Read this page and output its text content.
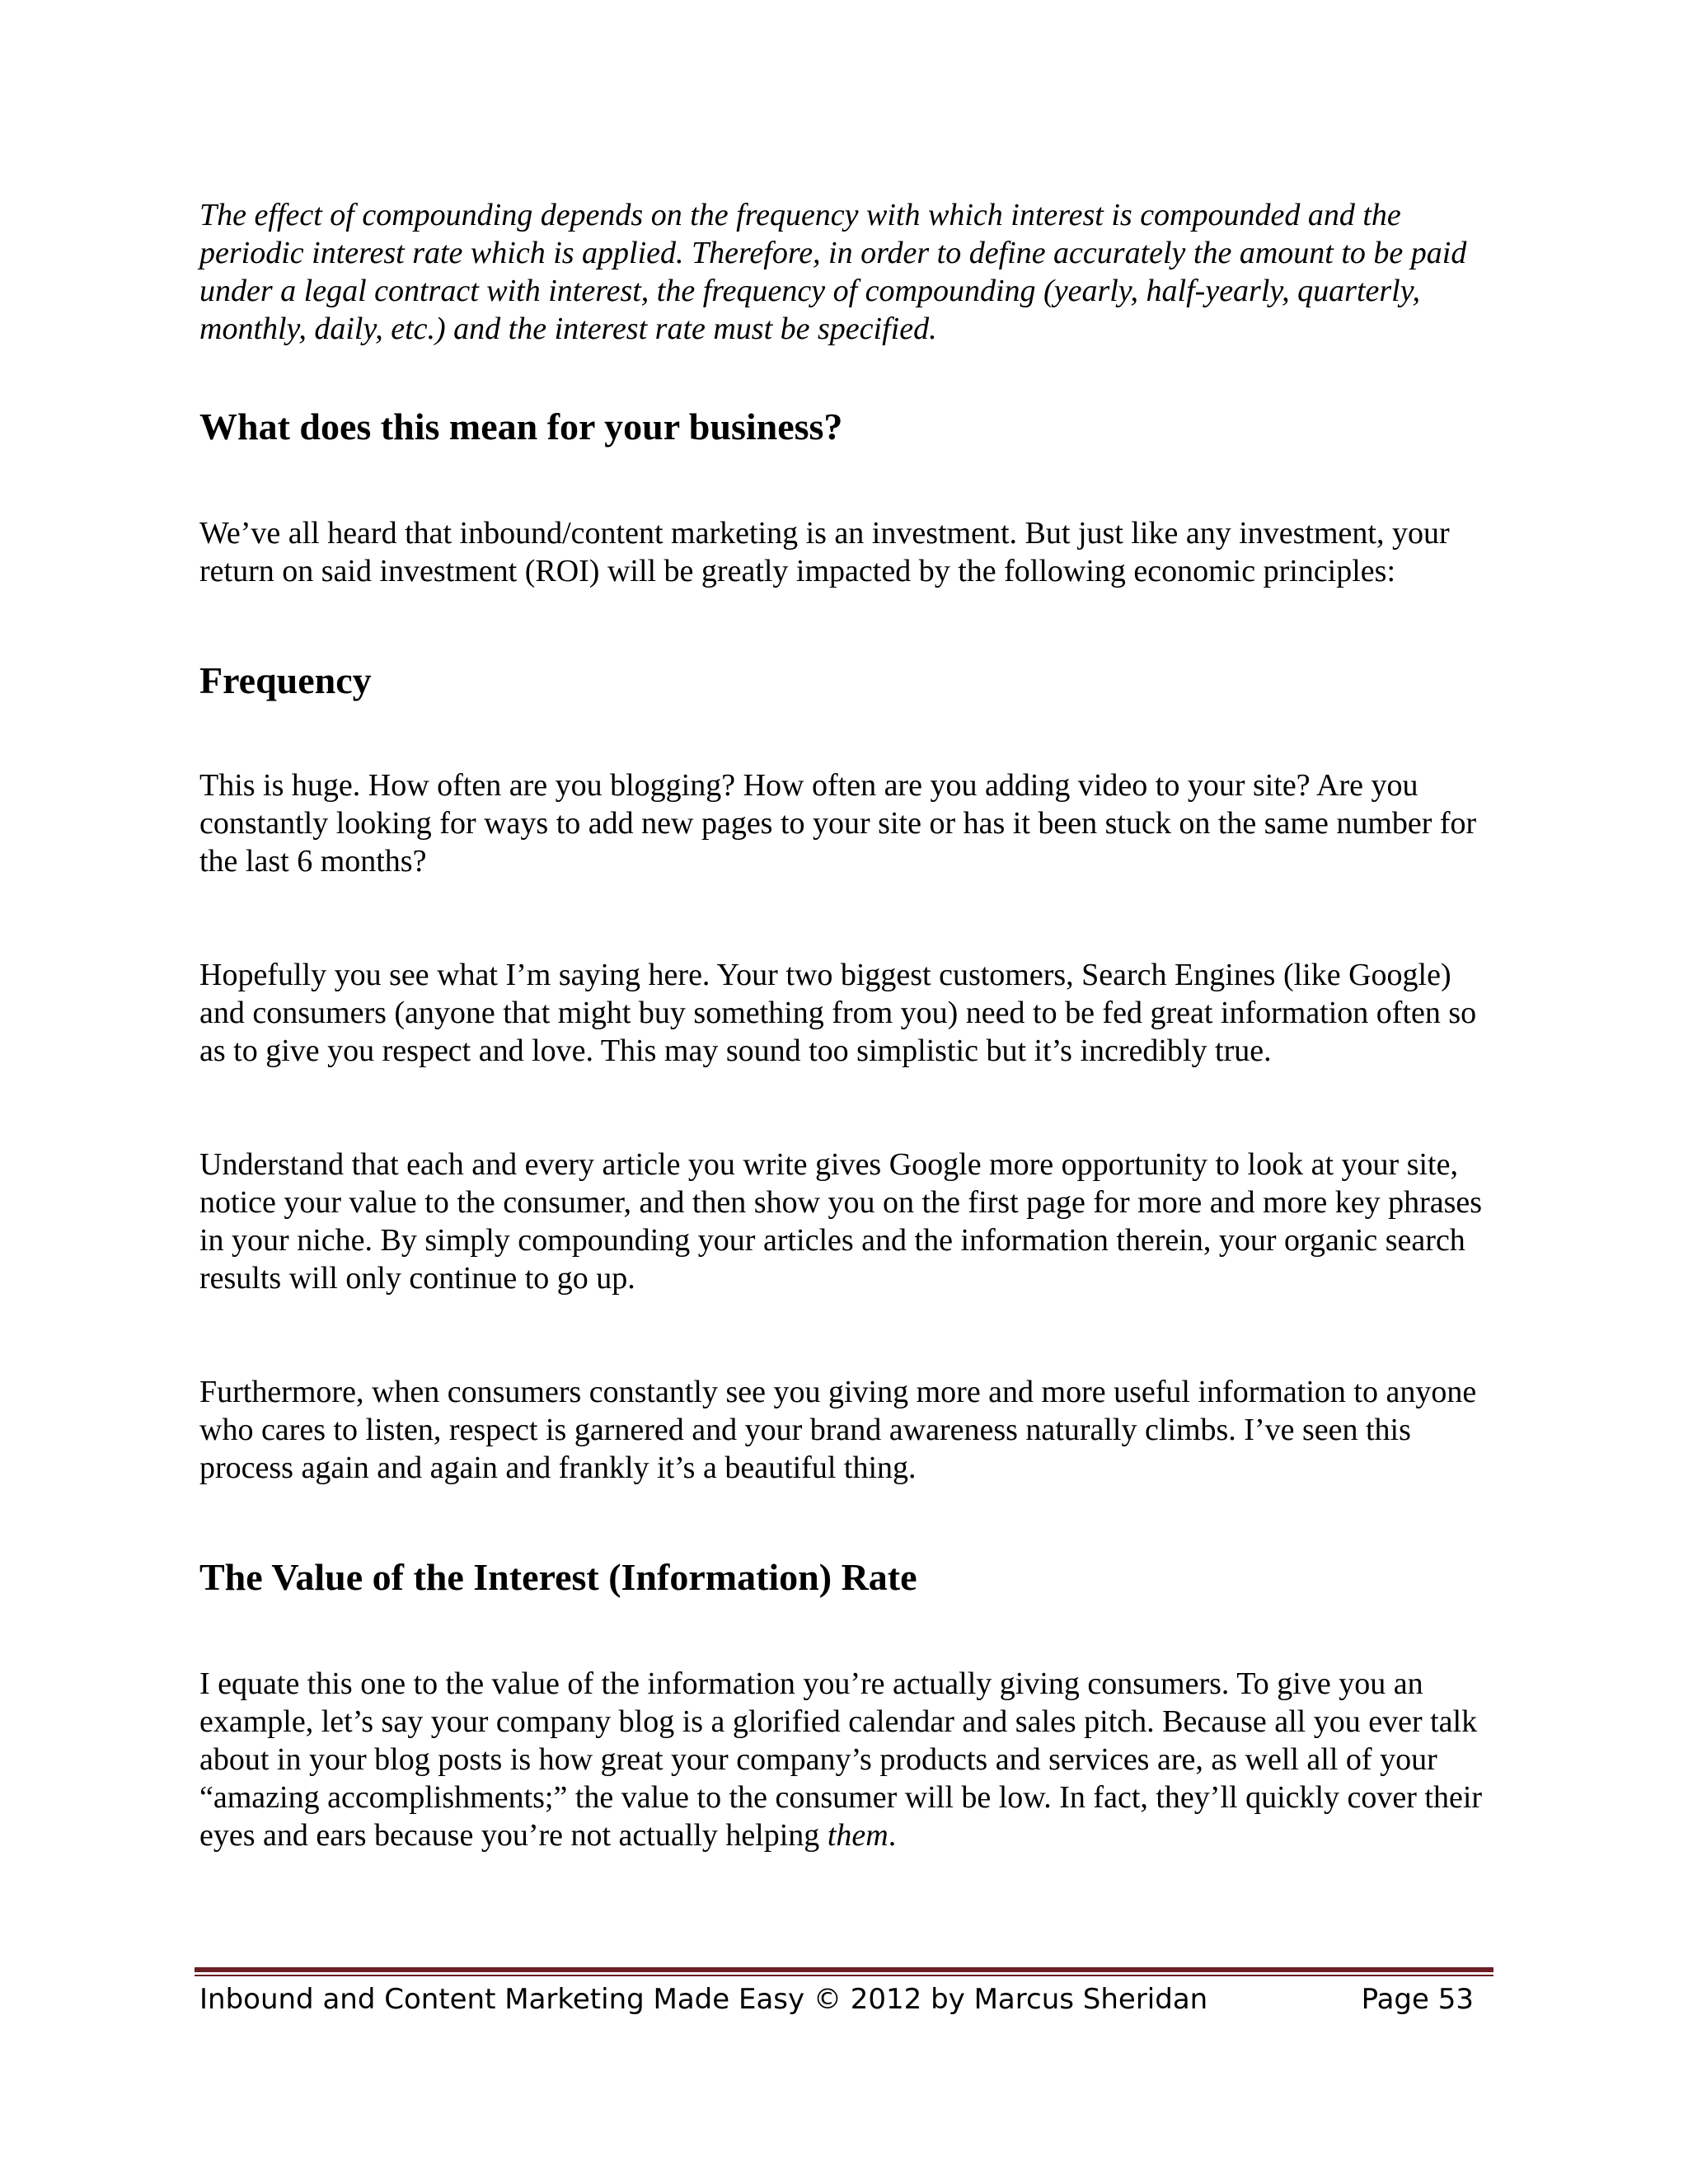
The effect of compounding depends on the frequency with which interest is compounded and the periodic interest rate which is applied. Therefore, in order to define accurately the amount to be paid under a legal contract with interest, the frequency of compounding (yearly, half-yearly, quarterly, monthly, daily, etc.) and the interest rate must be specified.

What does this mean for your business?

We’ve all heard that inbound/content marketing is an investment. But just like any investment, your return on said investment (ROI) will be greatly impacted by the following economic principles:

Frequency

This is huge. How often are you blogging? How often are you adding video to your site? Are you constantly looking for ways to add new pages to your site or has it been stuck on the same number for the last 6 months?

Hopefully you see what I’m saying here. Your two biggest customers, Search Engines (like Google) and consumers (anyone that might buy something from you) need to be fed great information often so as to give you respect and love. This may sound too simplistic but it’s incredibly true.

Understand that each and every article you write gives Google more opportunity to look at your site, notice your value to the consumer, and then show you on the first page for more and more key phrases in your niche. By simply compounding your articles and the information therein, your organic search results will only continue to go up.

Furthermore, when consumers constantly see you giving more and more useful information to anyone who cares to listen, respect is garnered and your brand awareness naturally climbs. I’ve seen this process again and again and frankly it’s a beautiful thing.

The Value of the Interest (Information) Rate

I equate this one to the value of the information you’re actually giving consumers. To give you an example, let’s say your company blog is a glorified calendar and sales pitch. Because all you ever talk about in your blog posts is how great your company’s products and services are, as well all of your “amazing accomplishments;” the value to the consumer will be low. In fact, they’ll quickly cover their eyes and ears because you’re not actually helping them.

Inbound and Content Marketing Made Easy © 2012 by Marcus Sheridan	Page 53
